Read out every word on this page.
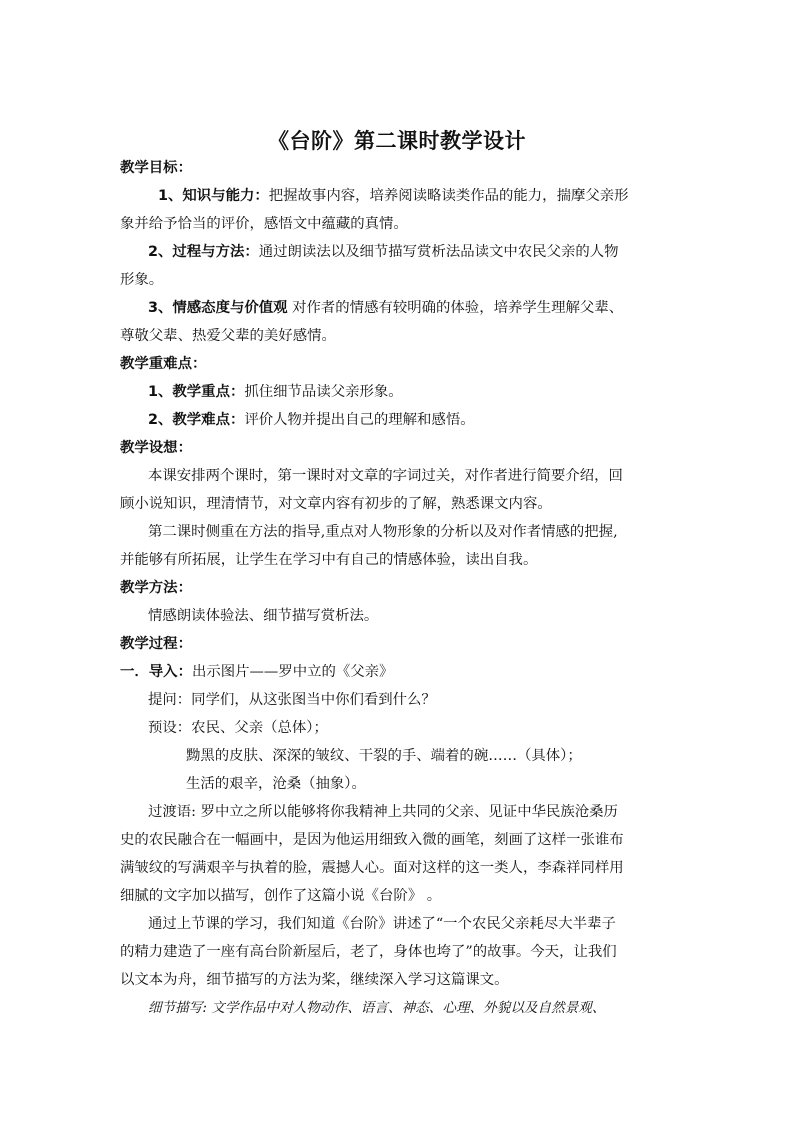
《台阶》第二课时教学设计
教学目标：
1、知识与能力：把握故事内容，培养阅读略读类作品的能力，揣摩父亲形
象并给予恰当的评价，感悟文中蕴藏的真情。
2、过程与方法：通过朗读法以及细节描写赏析法品读文中农民父亲的人物
形象。
3、情感态度与价值观 对作者的情感有较明确的体验，培养学生理解父辈、
尊敬父辈、热爱父辈的美好感情。
教学重难点：
1、教学重点：抓住细节品读父亲形象。
2、教学难点：评价人物并提出自己的理解和感悟。
教学设想：
本课安排两个课时，第一课时对文章的字词过关，对作者进行简要介绍，回
顾小说知识，理清情节，对文章内容有初步的了解，熟悉课文内容。
第二课时侧重在方法的指导,重点对人物形象的分析以及对作者情感的把握,
并能够有所拓展，让学生在学习中有自己的情感体验，读出自我。
教学方法：
情感朗读体验法、细节描写赏析法。
教学过程：
一．导入：出示图片——罗中立的《父亲》
提问：同学们，从这张图当中你们看到什么？
预设：农民、父亲（总体）；
黝黑的皮肤、深深的皱纹、干裂的手、端着的碗……（具体）；
生活的艰辛，沧桑（抽象）。
过渡语: 罗中立之所以能够将你我精神上共同的父亲、见证中华民族沧桑历
史的农民融合在一幅画中，是因为他运用细致入微的画笔，刻画了这样一张谁布
满皱纹的写满艰辛与执着的脸，震撼人心。面对这样的这一类人，李森祥同样用
细腻的文字加以描写，创作了这篇小说《台阶》 。
通过上节课的学习，我们知道《台阶》讲述了“一个农民父亲耗尽大半辈子
的精力建造了一座有高台阶新屋后，老了，身体也垮了”的故事。今天，让我们
以文本为舟，细节描写的方法为桨，继续深入学习这篇课文。
细节描写: 文学作品中对人物动作、语言、神态、心理、外貌以及自然景观、
